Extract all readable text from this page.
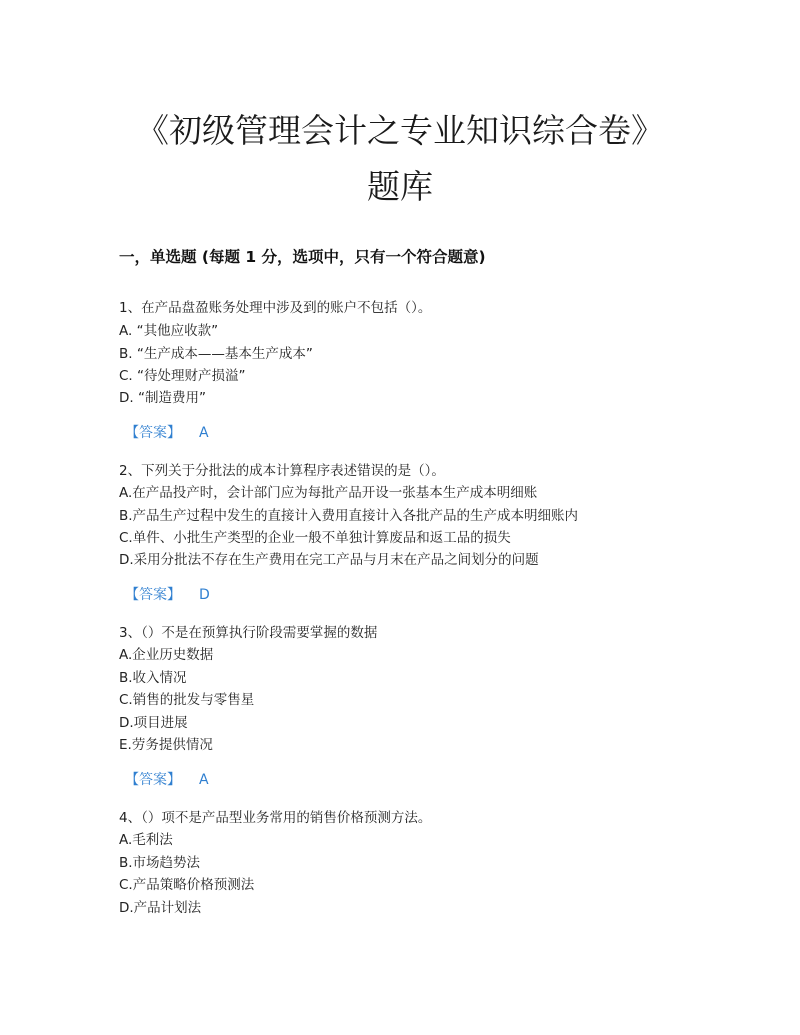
《初级管理会计之专业知识综合卷》
题库
一，单选题 (每题 1 分，选项中，只有一个符合题意)
1、在产品盘盈账务处理中涉及到的账户不包括（）。
A. “其他应收款”
B. “生产成本——基本生产成本”
C. “待处理财产损溢”
D. “制造费用”
【答案】 A
2、下列关于分批法的成本计算程序表述错误的是（）。
A.在产品投产时，会计部门应为每批产品开设一张基本生产成本明细账
B.产品生产过程中发生的直接计入费用直接计入各批产品的生产成本明细账内
C.单件、小批生产类型的企业一般不单独计算废品和返工品的损失
D.采用分批法不存在生产费用在完工产品与月末在产品之间划分的问题
【答案】 D
3、（）不是在预算执行阶段需要掌握的数据
A.企业历史数据
B.收入情况
C.销售的批发与零售星
D.项目进展
E.劳务提供情况
【答案】 A
4、（）项不是产品型业务常用的销售价格预测方法。
A.毛利法
B.市场趋势法
C.产品策略价格预测法
D.产品计划法
